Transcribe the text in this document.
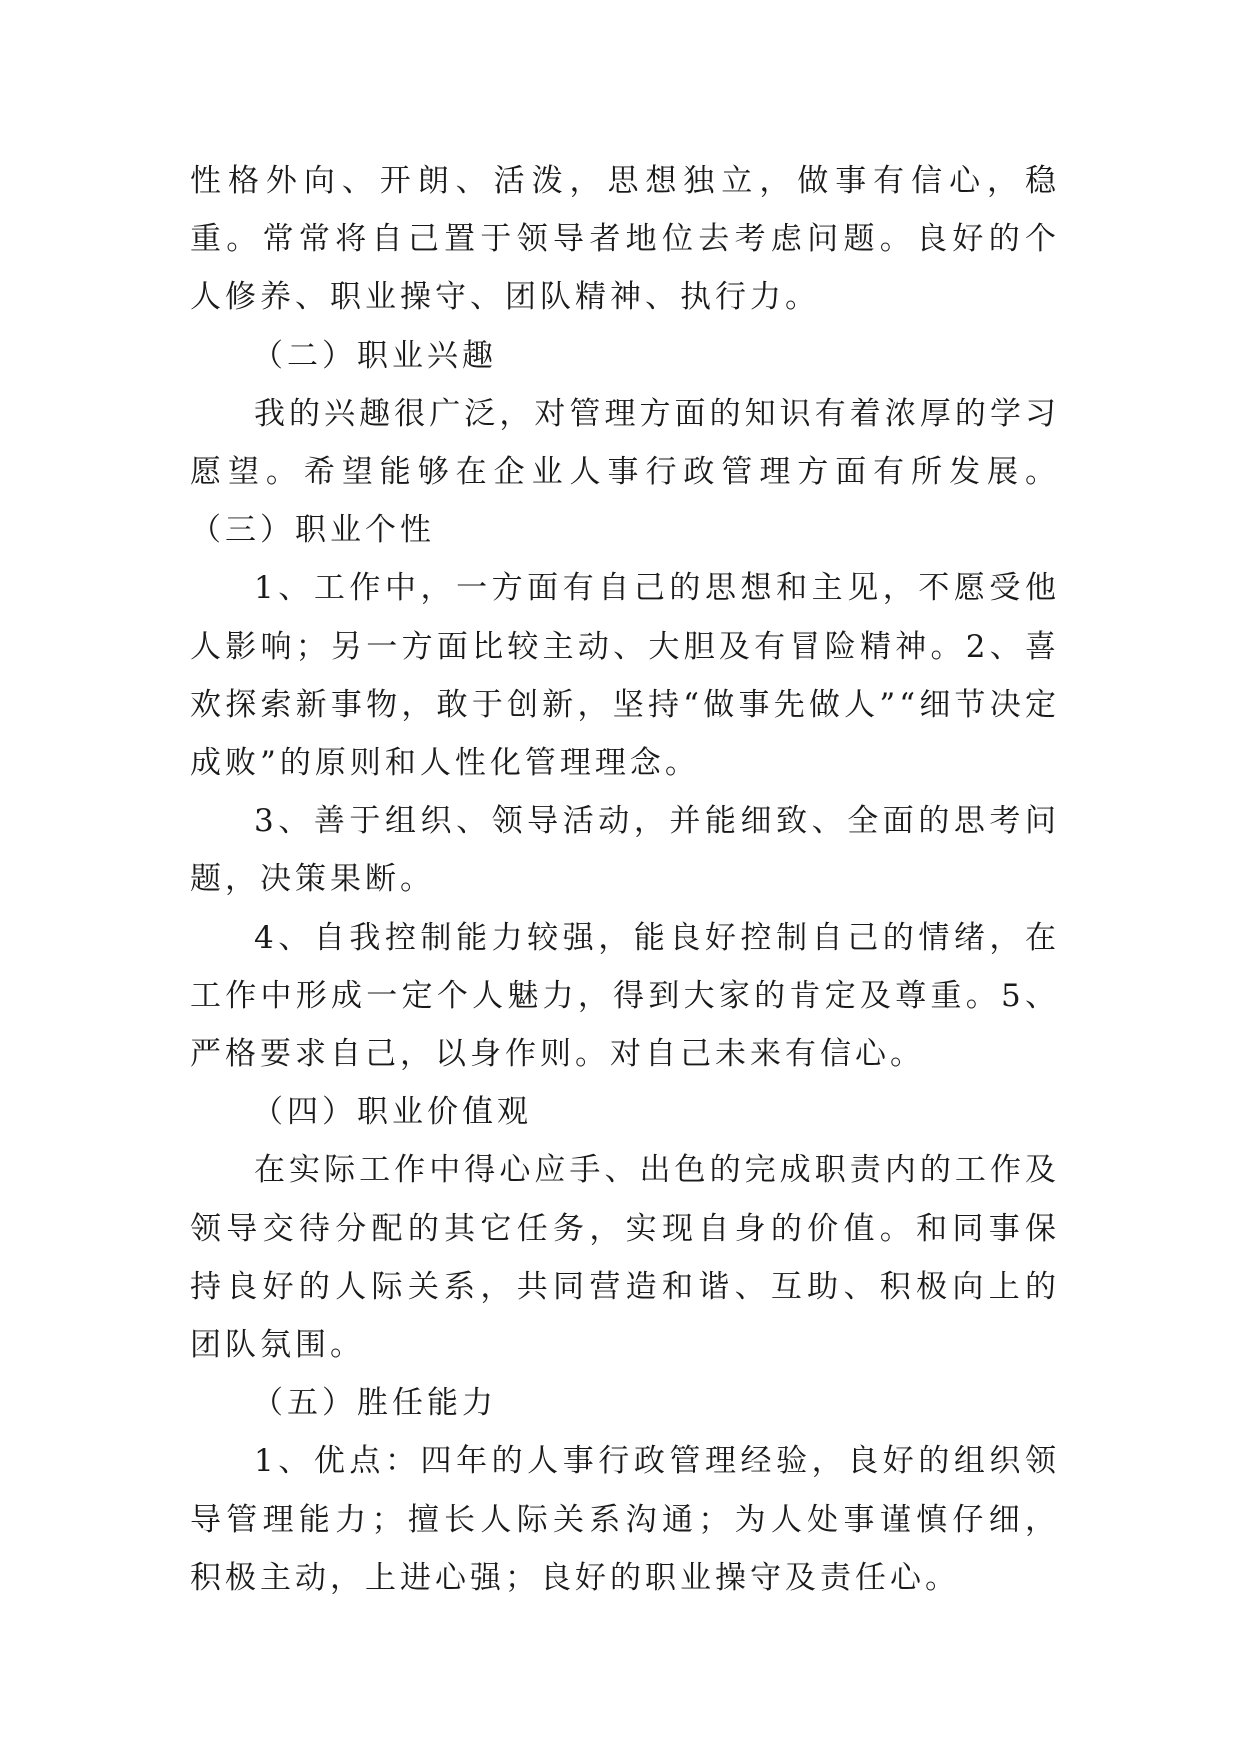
性格外向、开朗、活泼，思想独立，做事有信心，稳重。常常将自己置于领导者地位去考虑问题。良好的个人修养、职业操守、团队精神、执行力。

（二）职业兴趣

我的兴趣很广泛，对管理方面的知识有着浓厚的学习愿望。希望能够在企业人事行政管理方面有所发展。（三）职业个性

1、工作中，一方面有自己的思想和主见，不愿受他人影响；另一方面比较主动、大胆及有冒险精神。2、喜欢探索新事物，敢于创新，坚持“做事先做人”“细节决定成败”的原则和人性化管理理念。

3、善于组织、领导活动，并能细致、全面的思考问题，决策果断。

4、自我控制能力较强，能良好控制自己的情绪，在工作中形成一定个人魅力，得到大家的肯定及尊重。5、严格要求自己，以身作则。对自己未来有信心。

（四）职业价值观

在实际工作中得心应手、出色的完成职责内的工作及领导交待分配的其它任务，实现自身的价值。和同事保持良好的人际关系，共同营造和谐、互助、积极向上的团队氛围。

（五）胜任能力

1、优点：四年的人事行政管理经验，良好的组织领导管理能力；擅长人际关系沟通；为人处事谨慎仔细，积极主动，上进心强；良好的职业操守及责任心。
